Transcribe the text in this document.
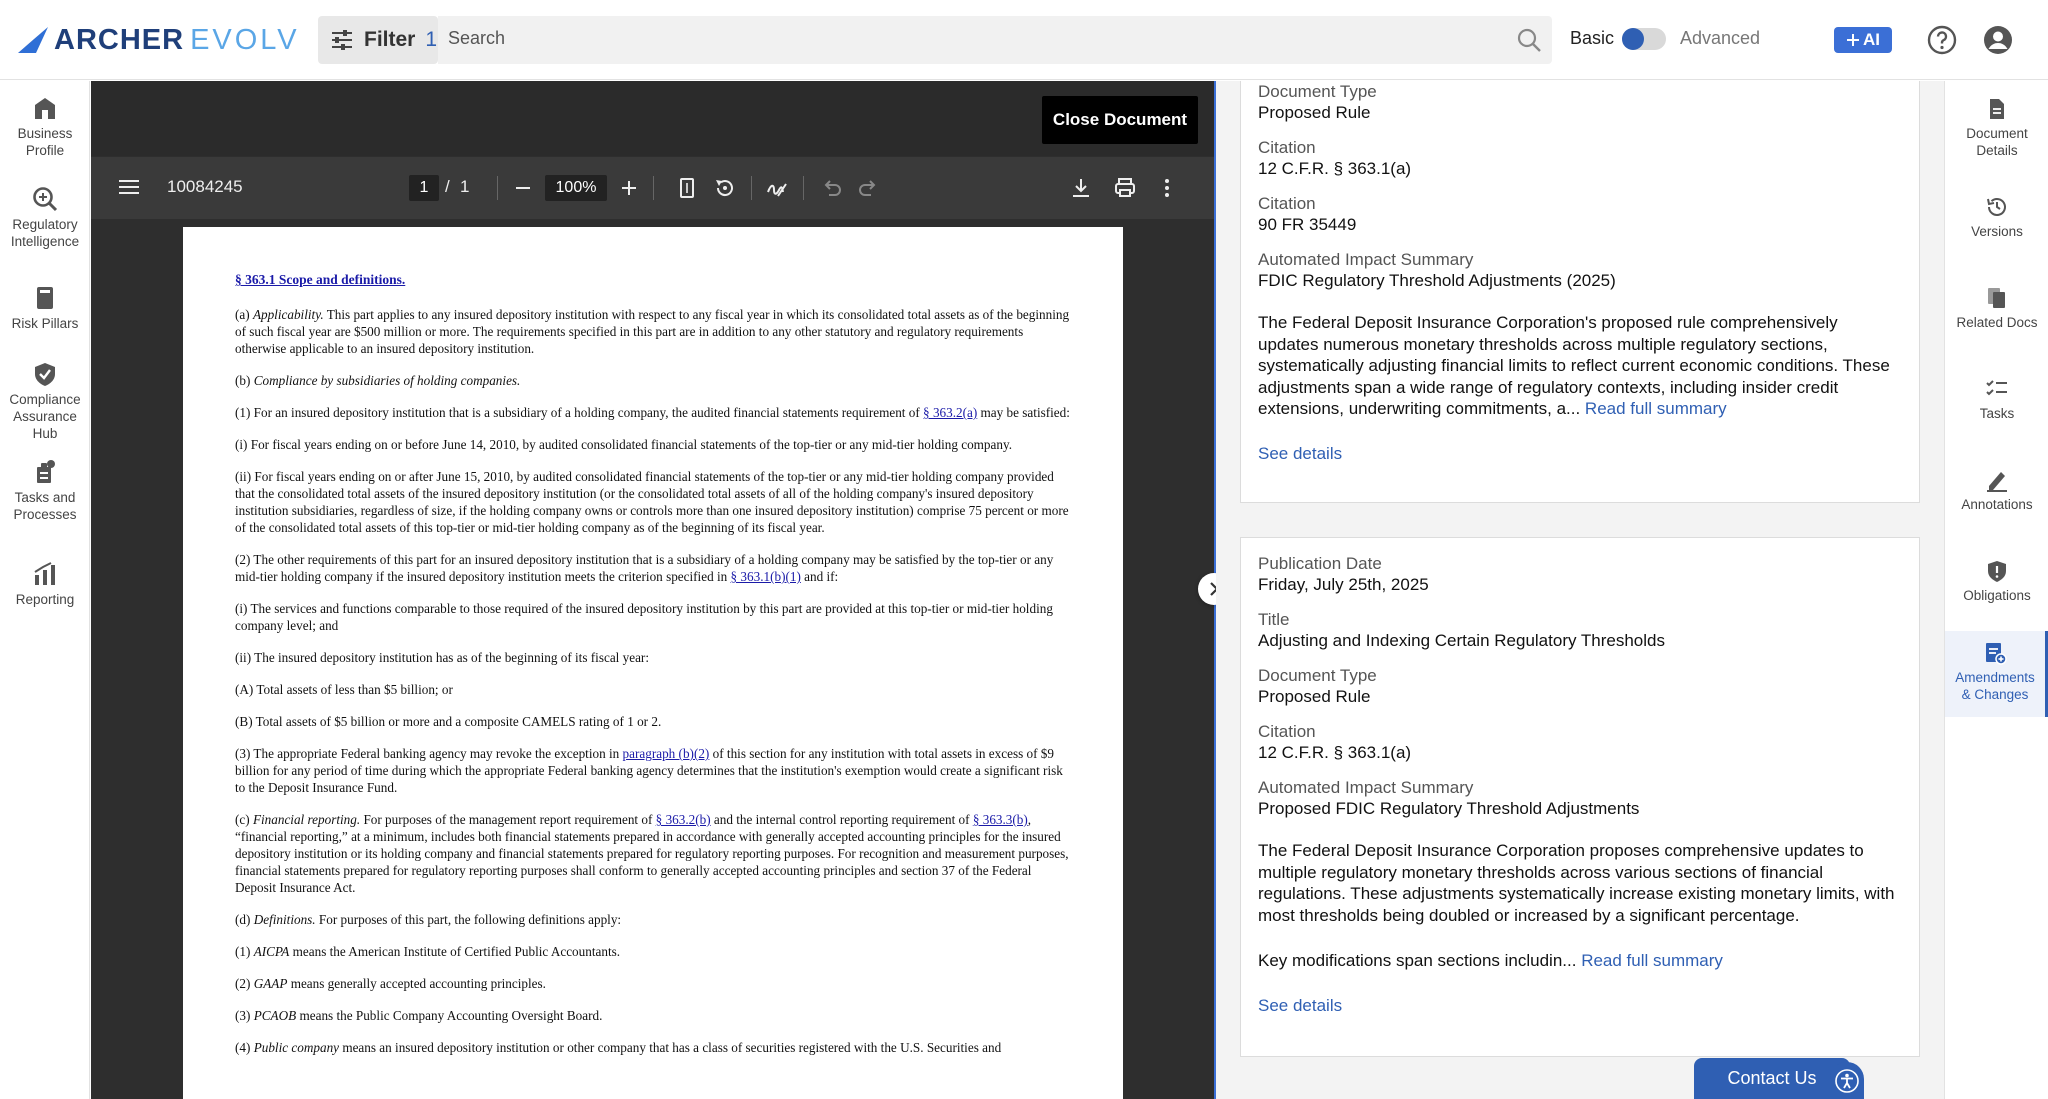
ARCHER EVOLV	Filter 1
Search	Basic	Advanced	AI
Business
Profile
Regulatory
Intelligence
Risk Pillars
Compliance
Assurance
Hub
Tasks and
Processes
Reporting
Close Document
10084245	1 / 1	100%

§ 363.1 Scope and definitions.

(a) Applicability. This part applies to any insured depository institution with respect to any fiscal year in which its consolidated total assets as of the beginning of such fiscal year are $500 million or more. The requirements specified in this part are in addition to any other statutory and regulatory requirements otherwise applicable to an insured depository institution.

(b) Compliance by subsidiaries of holding companies.

(1) For an insured depository institution that is a subsidiary of a holding company, the audited financial statements requirement of § 363.2(a) may be satisfied:

(i) For fiscal years ending on or before June 14, 2010, by audited consolidated financial statements of the top-tier or any mid-tier holding company.

(ii) For fiscal years ending on or after June 15, 2010, by audited consolidated financial statements of the top-tier or any mid-tier holding company provided that the consolidated total assets of the insured depository institution (or the consolidated total assets of all of the holding company's insured depository institution subsidiaries, regardless of size, if the holding company owns or controls more than one insured depository institution) comprise 75 percent or more of the consolidated total assets of this top-tier or mid-tier holding company as of the beginning of its fiscal year.

(2) The other requirements of this part for an insured depository institution that is a subsidiary of a holding company may be satisfied by the top-tier or any mid-tier holding company if the insured depository institution meets the criterion specified in § 363.1(b)(1) and if:

(i) The services and functions comparable to those required of the insured depository institution by this part are provided at this top-tier or mid-tier holding company level; and

(ii) The insured depository institution has as of the beginning of its fiscal year:

(A) Total assets of less than $5 billion; or

(B) Total assets of $5 billion or more and a composite CAMELS rating of 1 or 2.

(3) The appropriate Federal banking agency may revoke the exception in paragraph (b)(2) of this section for any institution with total assets in excess of $9 billion for any period of time during which the appropriate Federal banking agency determines that the institution's exemption would create a significant risk to the Deposit Insurance Fund.

(c) Financial reporting. For purposes of the management report requirement of § 363.2(b) and the internal control reporting requirement of § 363.3(b), “financial reporting,” at a minimum, includes both financial statements prepared in accordance with generally accepted accounting principles for the insured depository institution or its holding company and financial statements prepared for regulatory reporting purposes. For recognition and measurement purposes, financial statements prepared for regulatory reporting purposes shall conform to generally accepted accounting principles and section 37 of the Federal Deposit Insurance Act.

(d) Definitions. For purposes of this part, the following definitions apply:

(1) AICPA means the American Institute of Certified Public Accountants.

(2) GAAP means generally accepted accounting principles.

(3) PCAOB means the Public Company Accounting Oversight Board.

(4) Public company means an insured depository institution or other company that has a class of securities registered with the U.S. Securities and

Document Type
Proposed Rule
Citation
12 C.F.R. § 363.1(a)
Citation
90 FR 35449
Automated Impact Summary
FDIC Regulatory Threshold Adjustments (2025)
The Federal Deposit Insurance Corporation's proposed rule comprehensively updates numerous monetary thresholds across multiple regulatory sections, systematically adjusting financial limits to reflect current economic conditions. These adjustments span a wide range of regulatory contexts, including insider credit extensions, underwriting commitments, a... Read full summary
See details
Publication Date
Friday, July 25th, 2025
Title
Adjusting and Indexing Certain Regulatory Thresholds
Document Type
Proposed Rule
Citation
12 C.F.R. § 363.1(a)
Automated Impact Summary
Proposed FDIC Regulatory Threshold Adjustments
The Federal Deposit Insurance Corporation proposes comprehensive updates to multiple regulatory monetary thresholds across various sections of financial regulations. These adjustments systematically increase existing monetary limits, with most thresholds being doubled or increased by a significant percentage.
Key modifications span sections includin... Read full summary
See details
Document
Details
Versions
Related Docs
Tasks
Annotations
Obligations
Amendments
& Changes
Contact Us
